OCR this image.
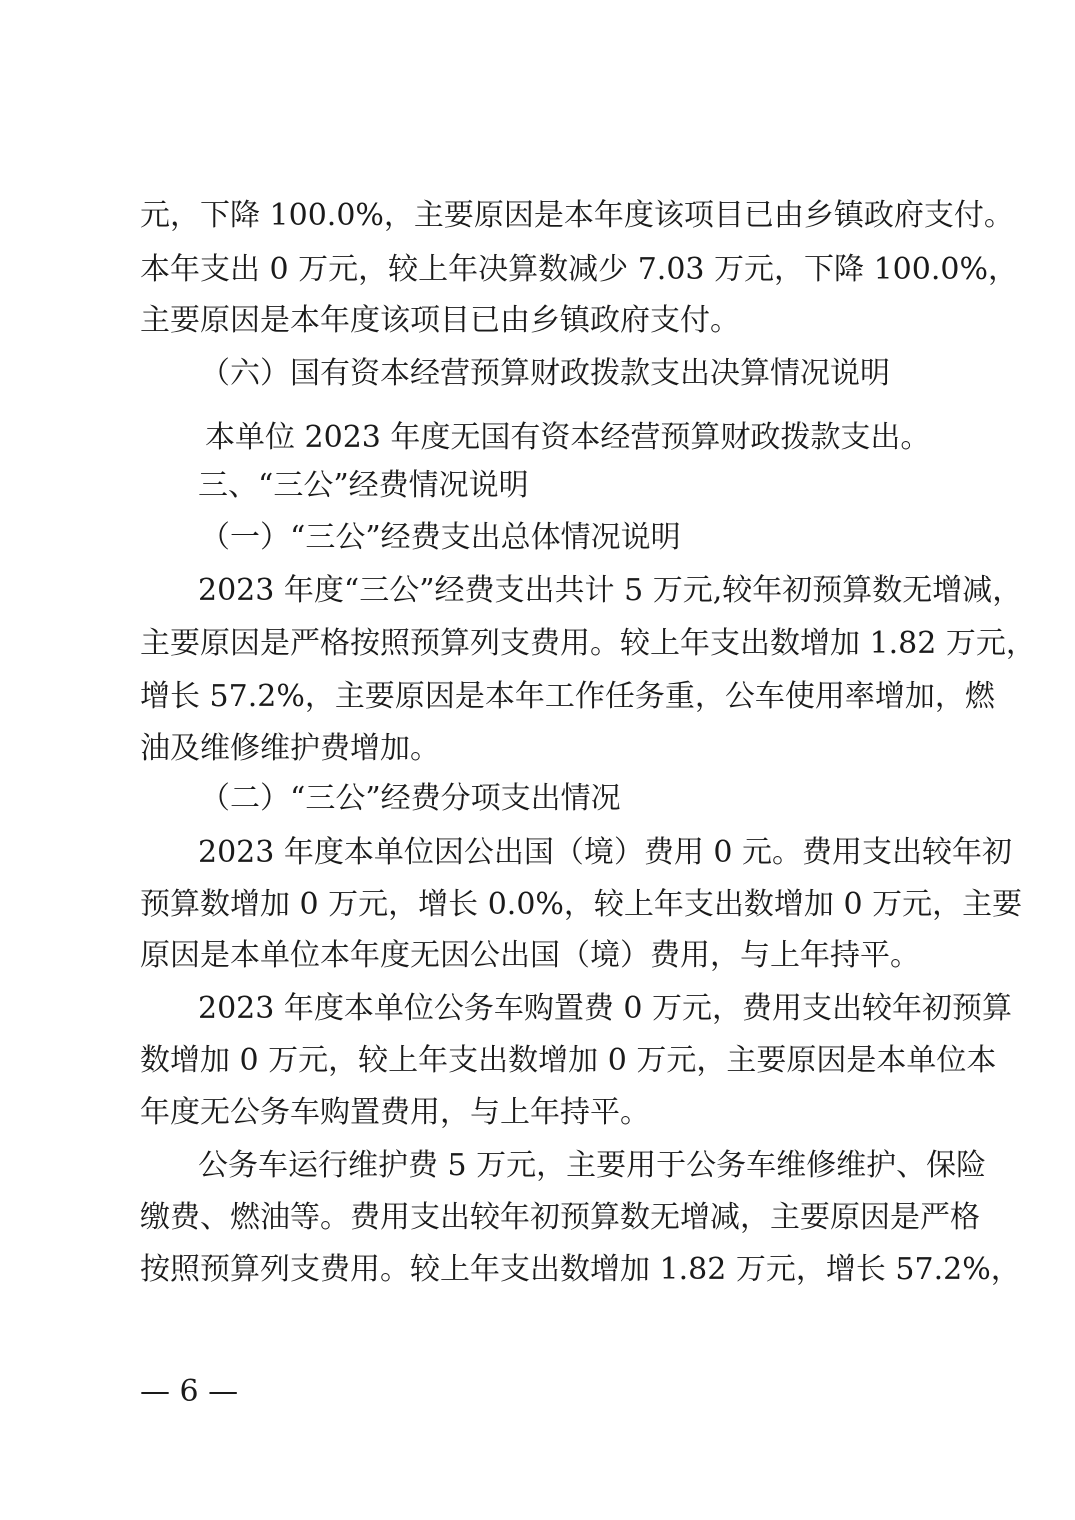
元，下降 100.0%，主要原因是本年度该项目已由乡镇政府支付。
本年支出 0 万元，较上年决算数减少 7.03 万元，下降 100.0%，
主要原因是本年度该项目已由乡镇政府支付。
（六）国有资本经营预算财政拨款支出决算情况说明
本单位 2023 年度无国有资本经营预算财政拨款支出。
三、“三公”经费情况说明
（一）“三公”经费支出总体情况说明
2023 年度“三公”经费支出共计 5 万元,较年初预算数无增减，
主要原因是严格按照预算列支费用。较上年支出数增加 1.82 万元，
增长 57.2%，主要原因是本年工作任务重，公车使用率增加，燃
油及维修维护费增加。
（二）“三公”经费分项支出情况
2023 年度本单位因公出国（境）费用 0 元。费用支出较年初
预算数增加 0 万元，增长 0.0%，较上年支出数增加 0 万元，主要
原因是本单位本年度无因公出国（境）费用，与上年持平。
2023 年度本单位公务车购置费 0 万元，费用支出较年初预算
数增加 0 万元，较上年支出数增加 0 万元，主要原因是本单位本
年度无公务车购置费用，与上年持平。
公务车运行维护费 5 万元，主要用于公务车维修维护、保险
缴费、燃油等。费用支出较年初预算数无增减，主要原因是严格
按照预算列支费用。较上年支出数增加 1.82 万元，增长 57.2%，
— 6 —
